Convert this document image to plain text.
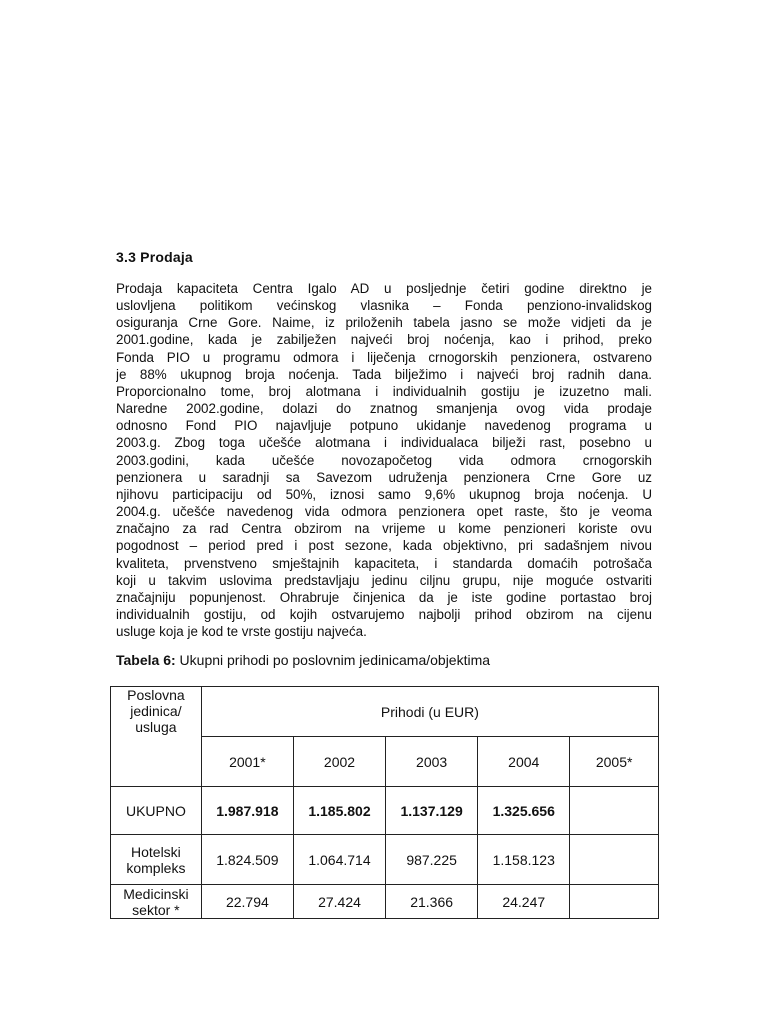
3.3 Prodaja
Prodaja kapaciteta Centra Igalo AD u posljednje četiri godine direktno je
uslovljena politikom većinskog vlasnika – Fonda penziono-invalidskog
osiguranja Crne Gore. Naime, iz priloženih tabela jasno se može vidjeti da je
2001.godine, kada je zabilježen najveći broj noćenja, kao i prihod, preko
Fonda PIO u programu odmora i liječenja crnogorskih penzionera, ostvareno
je 88% ukupnog broja noćenja. Tada bilježimo i najveći broj radnih dana.
Proporcionalno tome, broj alotmana i individualnih gostiju je izuzetno mali.
Naredne 2002.godine, dolazi do znatnog smanjenja ovog vida prodaje
odnosno Fond PIO najavljuje potpuno ukidanje navedenog programa u
2003.g. Zbog toga učešće alotmana i individualaca bilježi rast, posebno u
2003.godini, kada učešće novozapočetog vida odmora crnogorskih
penzionera u saradnji sa Savezom udruženja penzionera Crne Gore uz
njihovu participaciju od 50%, iznosi samo 9,6% ukupnog broja noćenja. U
2004.g. učešće navedenog vida odmora penzionera opet raste, što je veoma
značajno za rad Centra obzirom na vrijeme u kome penzioneri koriste ovu
pogodnost – period pred i post sezone, kada objektivno, pri sadašnjem nivou
kvaliteta, prvenstveno smještajnih kapaciteta, i standarda domaćih potrošača
koji u takvim uslovima predstavljaju jedinu ciljnu grupu, nije moguće ostvariti
značajniju popunjenost. Ohrabruje činjenica da je iste godine portastao broj
individualnih gostiju, od kojih ostvarujemo najbolji prihod obzirom na cijenu
usluge koja je kod te vrste gostiju najveća.
Tabela 6: Ukupni prihodi po poslovnim jedinicama/objektima
Poslovna jedinica/ usluga	Prihodi (u EUR)				
	2001*	2002	2003	2004	2005*
UKUPNO	1.987.918	1.185.802	1.137.129	1.325.656	
Hotelski kompleks	1.824.509	1.064.714	987.225	1.158.123	
Medicinski sektor *	22.794	27.424	21.366	24.247	
